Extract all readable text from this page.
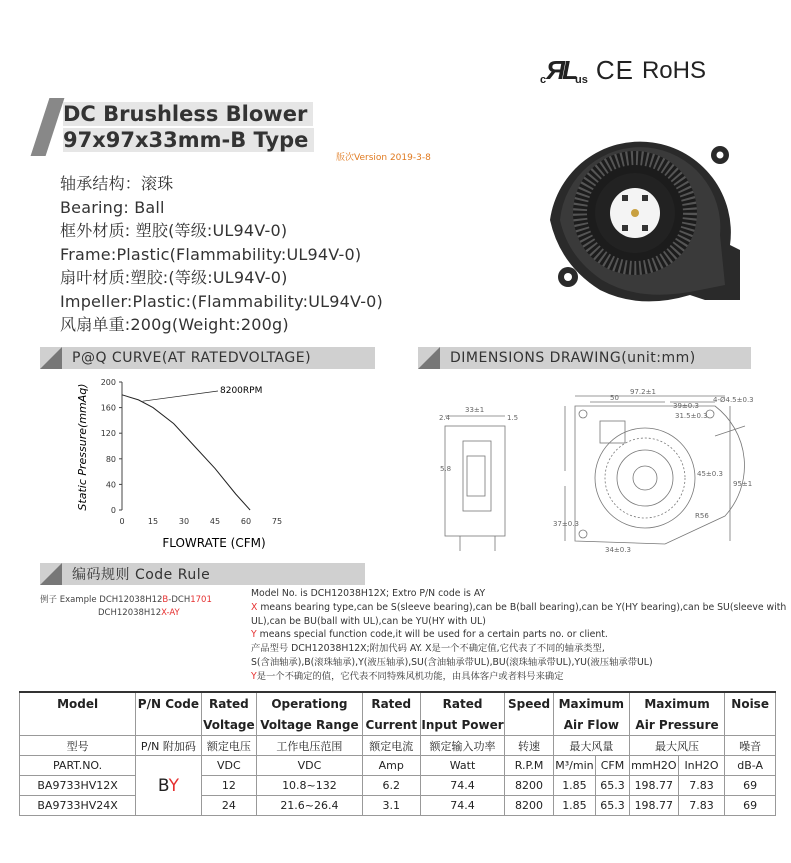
c ЯL us CE RoHS
DC Brushless Blower
97x97x33mm-B Type
版次Version 2019-3-8
轴承结构：滚珠
Bearing: Ball
框外材质: 塑胶(等级:UL94V-0)
Frame:Plastic(Flammability:UL94V-0)
扇叶材质:塑胶:(等级:UL94V-0)
Impeller:Plastic:(Flammability:UL94V-0)
风扇单重:200g(Weight:200g)
P@Q CURVE(AT RATEDVOLTAGE)	DIMENSIONS DRAWING(unit:mm)
编码规则 Code Rule
0
40
80
120
160
200
0	15	30	45	60	75
Static Pressure(mmAq)
FLOWRATE (CFM)
8200RPM	97.2±1
50
39±0.3
4-Ø4.5±0.3
31.5±0.3
33±1
2.4	1.5
5.8
95±1
37±0.3
45±0.3
R56
34±0.3
例子 Example DCH12038H12B-DCH1701
DCH12038H12X-AY
Model No. is DCH12038H12X; Extro P/N code is AY
X means bearing type,can be S(sleeve bearing),can be B(ball bearing),can be Y(HY bearing),can be SU(sleeve with UL),can be BU(ball with UL),can be YU(HY with UL)
Y means special function code,it will be used for a certain parts no. or client.
产品型号 DCH12038H12X;附加代码 AY. X是一个不确定值,它代表了不同的轴承类型,
S(含油轴承),B(滚珠轴承),Y(液压轴承),SU(含油轴承带UL),BU(滚珠轴承带UL),YU(液压轴承带UL)
Y是一个不确定的值，它代表不同特殊风机功能，由具体客户或者料号来确定
Model	P/N Code	Rated	Operationg	Rated	Rated	Speed	Maximum		Maximum		Noise
		Voltage	Voltage Range	Current	Input Power		Air Flow		Air Pressure		
型号	P/N 附加码	额定电压	工作电压范围	额定电流	额定输入功率	转速	最大风量		最大风压		噪音
PART.NO.	BY	VDC	VDC	Amp	Watt	R.P.M	M³/min	CFM	mmH2O	InH2O	dB-A
BA9733HV12X		12	10.8~132	6.2	74.4	8200	1.85	65.3	198.77	7.83	69
BA9733HV24X		24	21.6~26.4	3.1	74.4	8200	1.85	65.3	198.77	7.83	69
